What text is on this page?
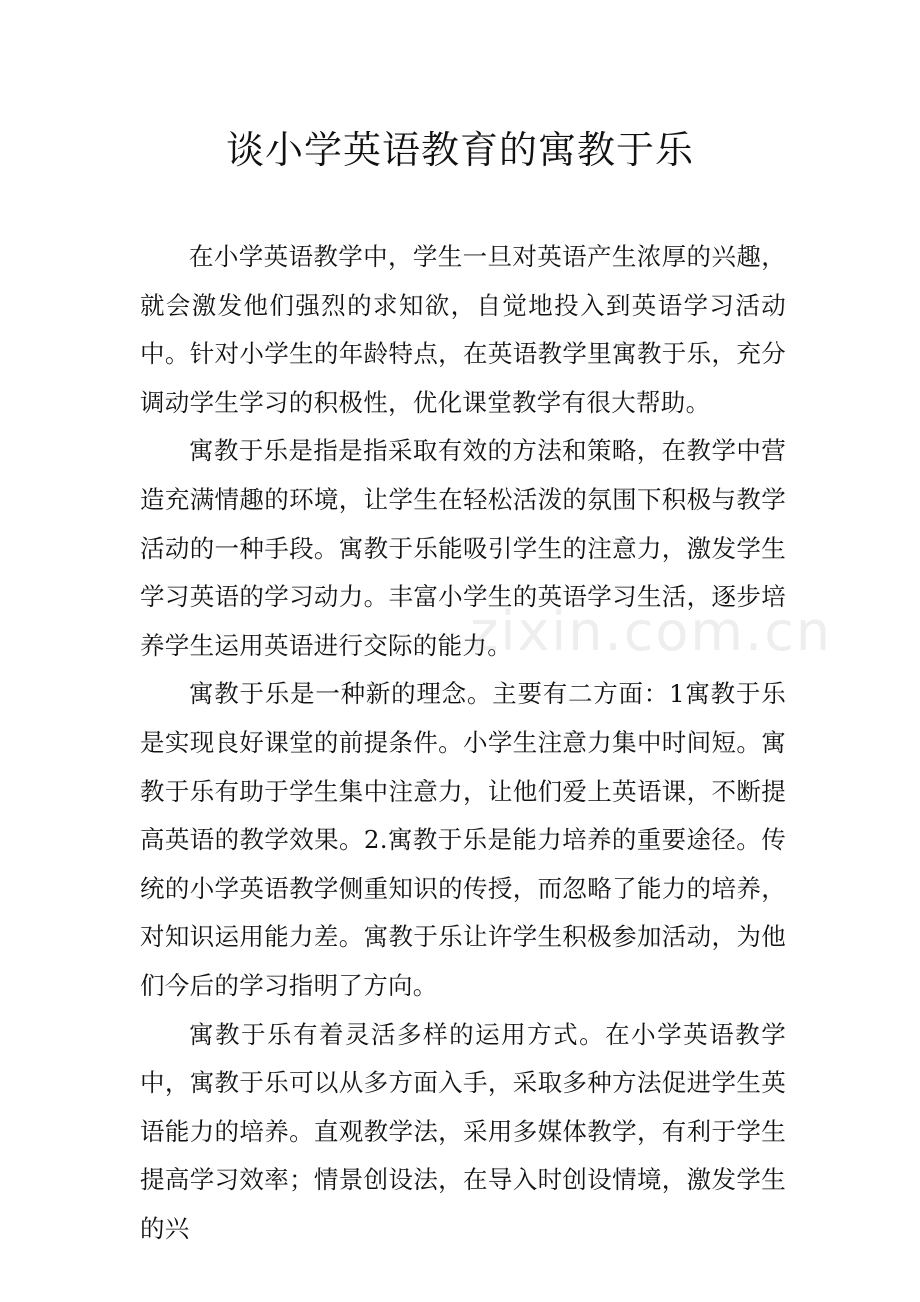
谈小学英语教育的寓教于乐

在小学英语教学中，学生一旦对英语产生浓厚的兴趣，就会激发他们强烈的求知欲，自觉地投入到英语学习活动中。针对小学生的年龄特点，在英语教学里寓教于乐，充分调动学生学习的积极性，优化课堂教学有很大帮助。

寓教于乐是指是指采取有效的方法和策略，在教学中营造充满情趣的环境，让学生在轻松活泼的氛围下积极与教学活动的一种手段。寓教于乐能吸引学生的注意力，激发学生学习英语的学习动力。丰富小学生的英语学习生活，逐步培养学生运用英语进行交际的能力。

寓教于乐是一种新的理念。主要有二方面：1寓教于乐是实现良好课堂的前提条件。小学生注意力集中时间短。寓教于乐有助于学生集中注意力，让他们爱上英语课，不断提高英语的教学效果。2.寓教于乐是能力培养的重要途径。传统的小学英语教学侧重知识的传授，而忽略了能力的培养，对知识运用能力差。寓教于乐让许学生积极参加活动，为他们今后的学习指明了方向。

寓教于乐有着灵活多样的运用方式。在小学英语教学中，寓教于乐可以从多方面入手，采取多种方法促进学生英语能力的培养。直观教学法，采用多媒体教学，有利于学生提高学习效率；情景创设法，在导入时创设情境，激发学生的兴

zixin.com.cn
